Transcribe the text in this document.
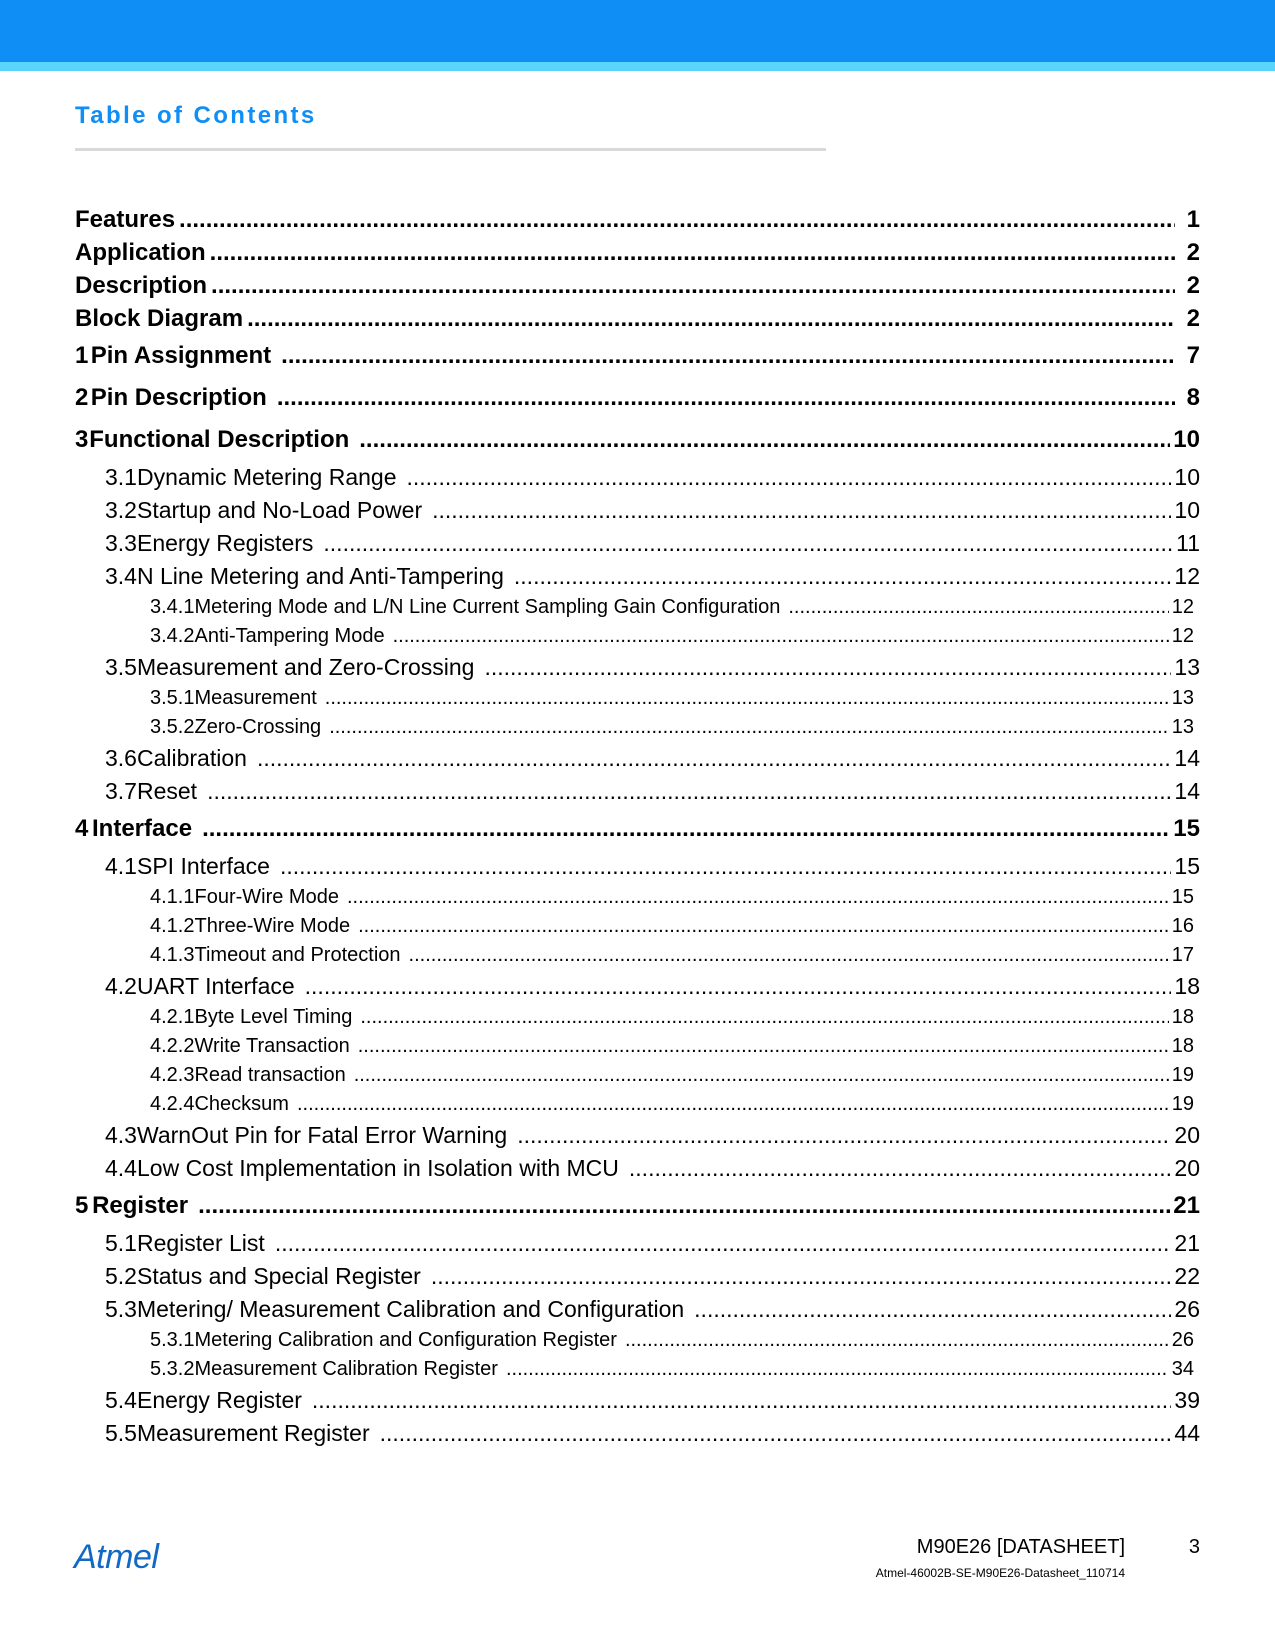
Table of Contents
Features .....	1
Application .....	2
Description .....	2
Block Diagram .....	2
1 Pin Assignment .....	7
2 Pin Description .....	8
3 Functional Description .....	10
3.1 Dynamic Metering Range .....	10
3.2 Startup and No-Load Power .....	10
3.3 Energy Registers .....	11
3.4 N Line Metering and Anti-Tampering .....	12
3.4.1 Metering Mode and L/N Line Current Sampling Gain Configuration .....	12
3.4.2 Anti-Tampering Mode .....	12
3.5 Measurement and Zero-Crossing .....	13
3.5.1 Measurement .....	13
3.5.2 Zero-Crossing .....	13
3.6 Calibration .....	14
3.7 Reset .....	14
4 Interface .....	15
4.1 SPI Interface .....	15
4.1.1 Four-Wire Mode .....	15
4.1.2 Three-Wire Mode .....	16
4.1.3 Timeout and Protection .....	17
4.2 UART Interface .....	18
4.2.1 Byte Level Timing .....	18
4.2.2 Write Transaction .....	18
4.2.3 Read transaction .....	19
4.2.4 Checksum .....	19
4.3 WarnOut Pin for Fatal Error Warning .....	20
4.4 Low Cost Implementation in Isolation with MCU .....	20
5 Register .....	21
5.1 Register List .....	21
5.2 Status and Special Register .....	22
5.3 Metering/ Measurement Calibration and Configuration .....	26
5.3.1 Metering Calibration and Configuration Register .....	26
5.3.2 Measurement Calibration Register .....	34
5.4 Energy Register .....	39
5.5 Measurement Register .....	44
Atmel	M90E26 [DATASHEET]	3
Atmel-46002B-SE-M90E26-Datasheet_110714
